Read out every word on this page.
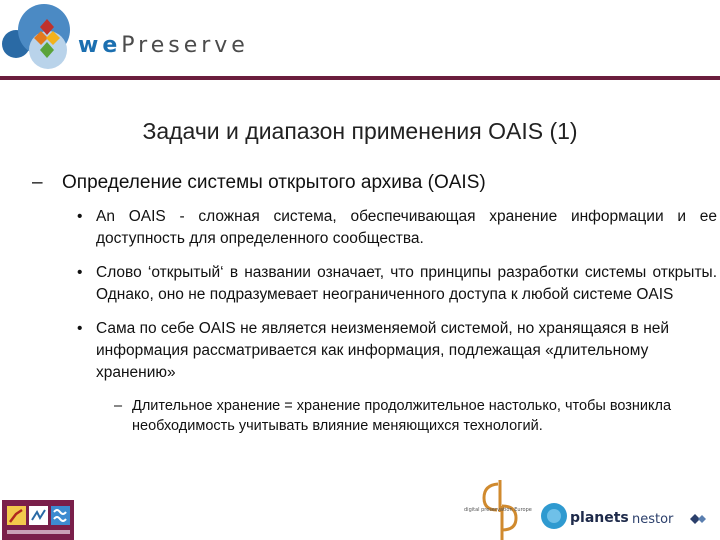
wePreserve
Задачи и диапазон применения OAIS (1)
– Определение системы открытого архива (OAIS)
• An OAIS - сложная система, обеспечивающая хранение информации и ее доступность для определенного сообщества.
• Слово ‘открытый‘ в названии означает, что принципы разработки системы открыты. Однако, оно не подразумевает неограниченного доступа к любой системе OAIS
• Сама по себе OAIS не является неизменяемой системой, но хранящаяся в ней информация рассматривается как информация, подлежащая «длительному хранению»
– Длительное хранение = хранение продолжительное настолько, чтобы возникла необходимость учитывать влияние меняющихся технологий.
digital preservation Europe	planets nestor
